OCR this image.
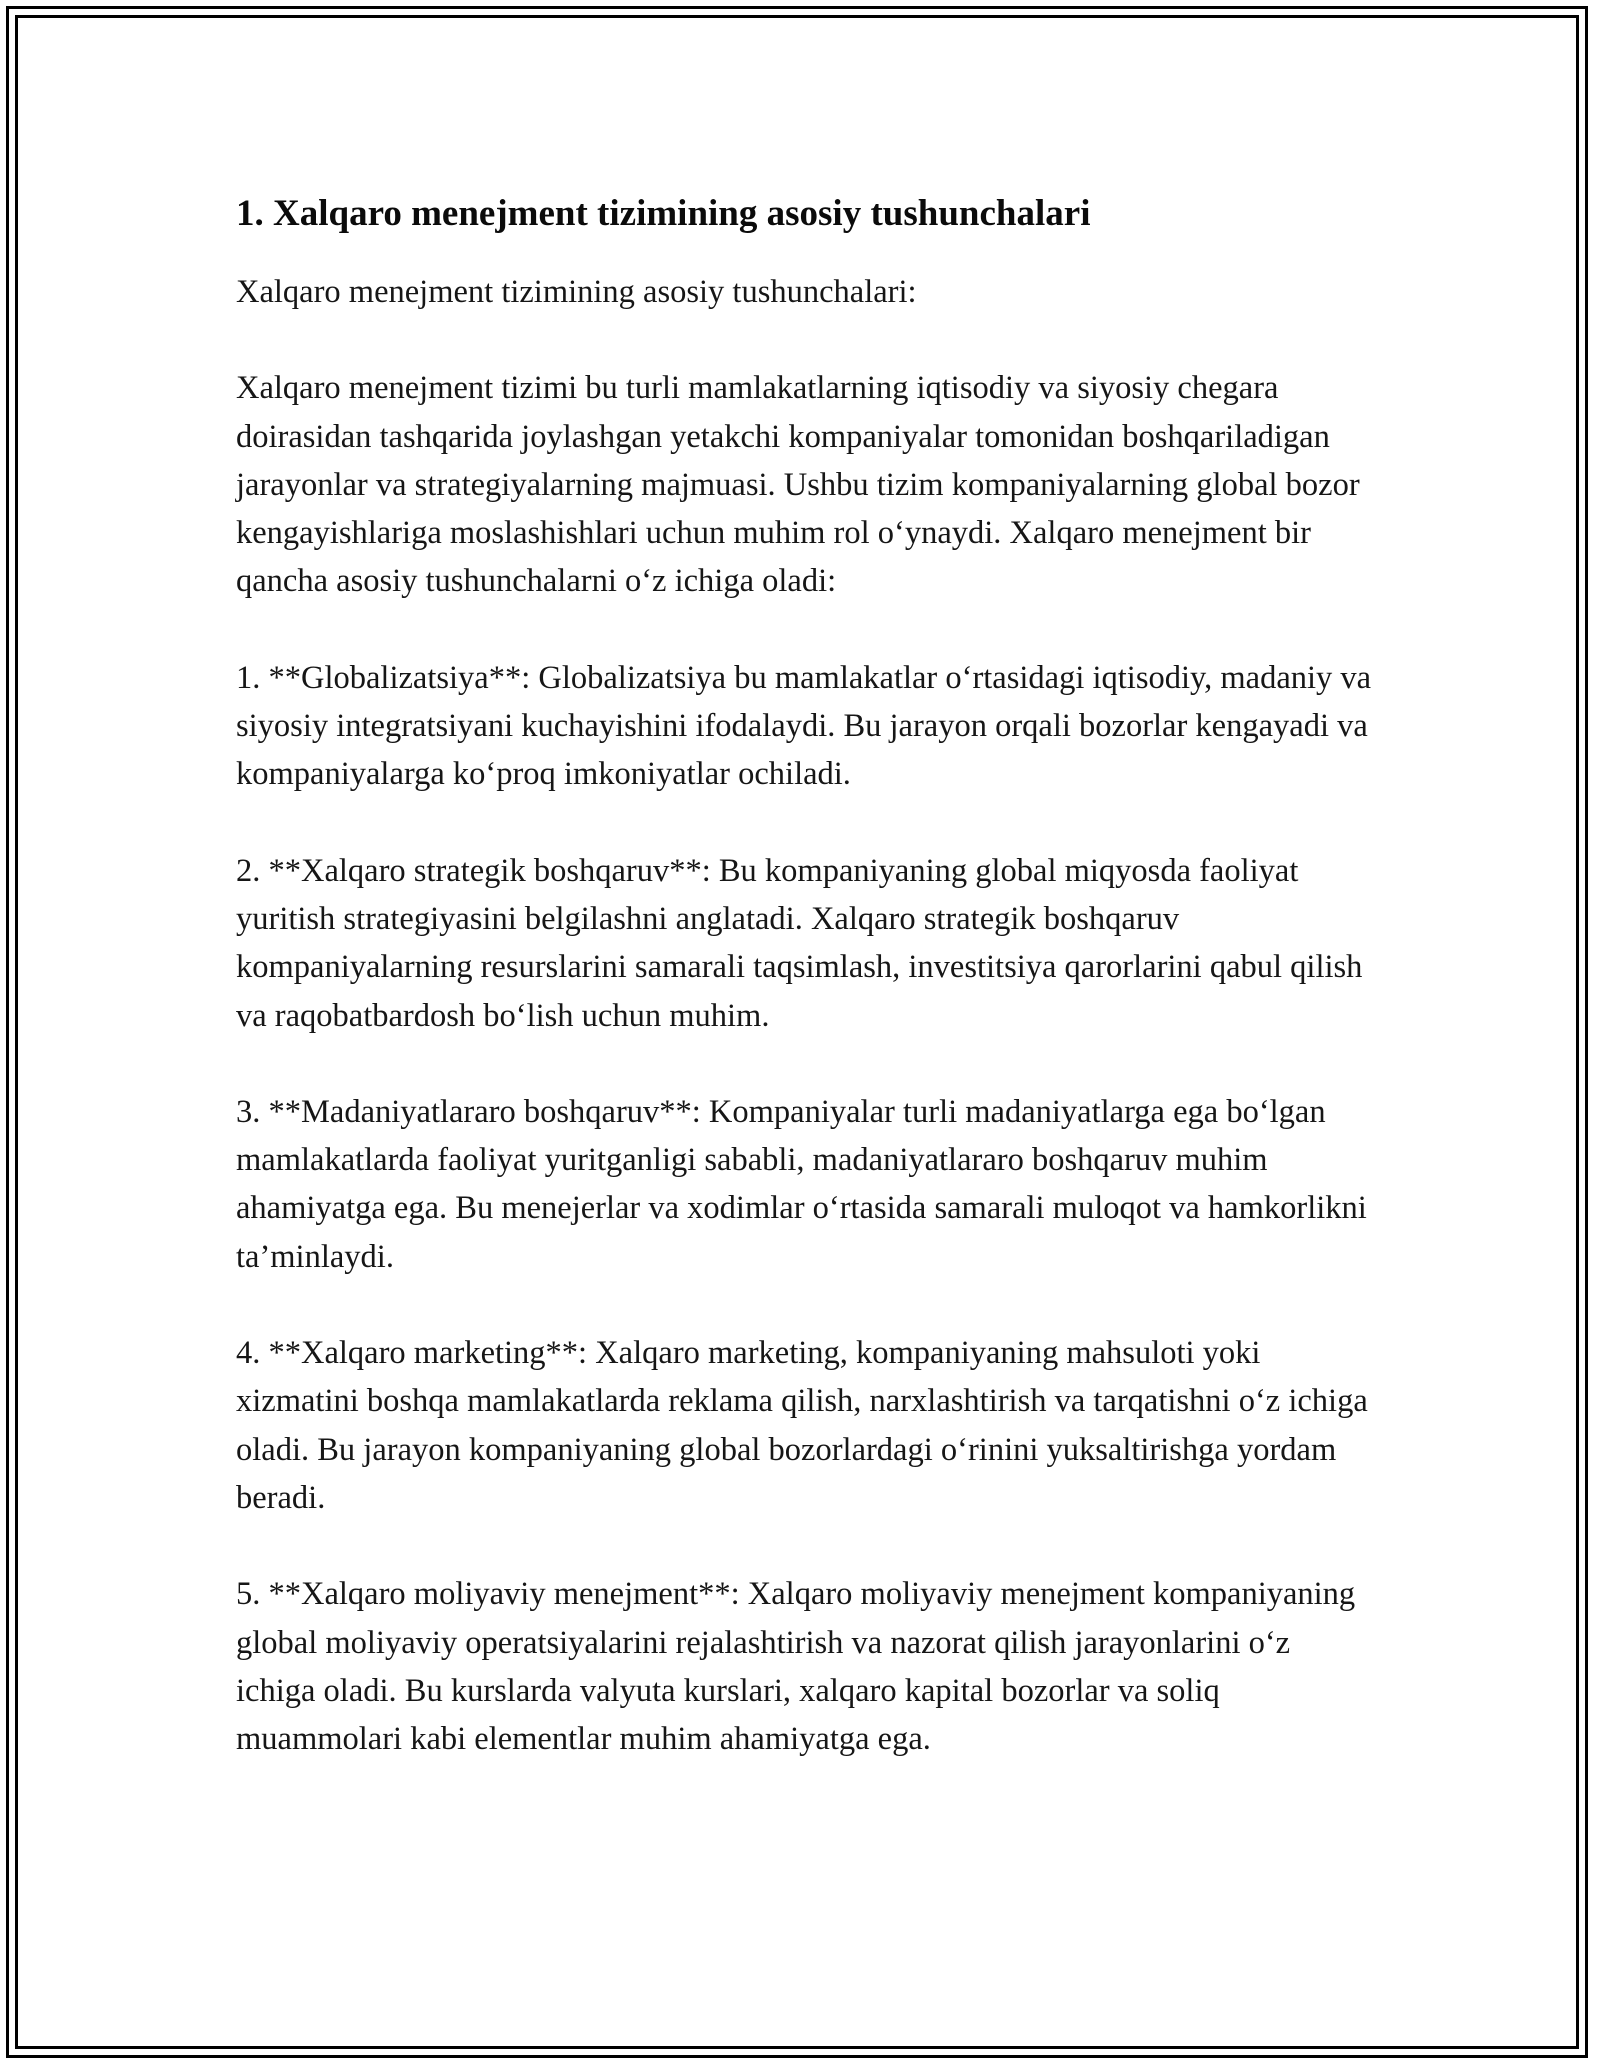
1. Xalqaro menejment tizimining asosiy tushunchalari

Xalqaro menejment tizimining asosiy tushunchalari:

Xalqaro menejment tizimi bu turli mamlakatlarning iqtisodiy va siyosiy chegara doirasidan tashqarida joylashgan yetakchi kompaniyalar tomonidan boshqariladigan jarayonlar va strategiyalarning majmuasi. Ushbu tizim kompaniyalarning global bozor kengayishlariga moslashishlari uchun muhim rol o‘ynaydi. Xalqaro menejment bir qancha asosiy tushunchalarni o‘z ichiga oladi:

1. **Globalizatsiya**: Globalizatsiya bu mamlakatlar o‘rtasidagi iqtisodiy, madaniy va siyosiy integratsiyani kuchayishini ifodalaydi. Bu jarayon orqali bozorlar kengayadi va kompaniyalarga ko‘proq imkoniyatlar ochiladi.

2. **Xalqaro strategik boshqaruv**: Bu kompaniyaning global miqyosda faoliyat yuritish strategiyasini belgilashni anglatadi. Xalqaro strategik boshqaruv kompaniyalarning resurslarini samarali taqsimlash, investitsiya qarorlarini qabul qilish va raqobatbardosh bo‘lish uchun muhim.

3. **Madaniyatlararo boshqaruv**: Kompaniyalar turli madaniyatlarga ega bo‘lgan mamlakatlarda faoliyat yuritganligi sababli, madaniyatlararo boshqaruv muhim ahamiyatga ega. Bu menejerlar va xodimlar o‘rtasida samarali muloqot va hamkorlikni ta’minlaydi.

4. **Xalqaro marketing**: Xalqaro marketing, kompaniyaning mahsuloti yoki xizmatini boshqa mamlakatlarda reklama qilish, narxlashtirish va tarqatishni o‘z ichiga oladi. Bu jarayon kompaniyaning global bozorlardagi o‘rinini yuksaltirishga yordam beradi.

5. **Xalqaro moliyaviy menejment**: Xalqaro moliyaviy menejment kompaniyaning global moliyaviy operatsiyalarini rejalashtirish va nazorat qilish jarayonlarini o‘z ichiga oladi. Bu kurslarda valyuta kurslari, xalqaro kapital bozorlar va soliq muammolari kabi elementlar muhim ahamiyatga ega.
